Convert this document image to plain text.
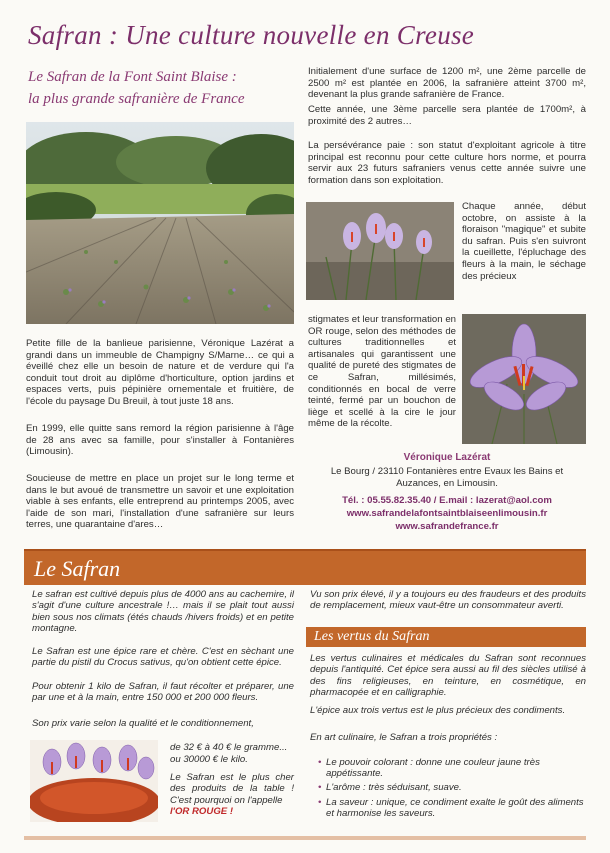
Safran : Une culture nouvelle en Creuse
Le Safran de la Font Saint Blaise :
la plus grande safranière de France

Petite fille de la banlieue parisienne, Véronique Lazérat a grandi dans un immeuble de Champigny S/Marne… ce qui a éveillé chez elle un besoin de nature et de verdure qui l'a conduit tout droit au diplôme d'horticulture, option jardins et espaces verts, puis pépinière ornementale et fruitière, de l'école du paysage Du Breuil, à tout juste 18 ans.

En 1999, elle quitte sans remord la région parisienne à l'âge de 28 ans avec sa famille, pour s'installer à Fontanières (Limousin).

Soucieuse de mettre en place un projet sur le long terme et dans le but avoué de transmettre un savoir et une exploitation viable à ses enfants, elle entreprend au printemps 2005, avec l'aide de son mari, l'installation d'une safranière sur leurs terres, une quarantaine d'ares…

Initialement d'une surface de 1200 m², une 2ème parcelle de 2500 m² est plantée en 2006, la safranière atteint 3700 m², devenant la plus grande safranière de France.

Cette année, une 3ème parcelle sera plantée de 1700m², à proximité des 2 autres…

La persévérance paie : son statut d'exploitant agricole à titre principal est reconnu pour cette culture hors norme, et pourra servir aux 23 futurs safraniers venus cette année suivre une formation dans son exploitation.

Chaque année, début octobre, on assiste à la floraison "magique" et subite du safran. Puis s'en suivront la cueillette, l'épluchage des fleurs à la main, le séchage des précieux

stigmates et leur transformation en OR rouge, selon des méthodes de cultures traditionnelles et artisanales qui garantissent une qualité de pureté des stigmates de ce Safran, millésimés, conditionnés en bocal de verre teinté, fermé par un bouchon de liège et scellé à la cire le jour même de la récolte.

Véronique Lazérat
Le Bourg / 23110 Fontanières entre Evaux les Bains et
Auzances, en Limousin.
Tél. : 05.55.82.35.40 / E.mail : lazerat@aol.com
www.safrandelafontsaintblaiseenlimousin.fr
www.safrandefrance.fr
Le Safran

Le safran est cultivé depuis plus de 4000 ans au cachemire, il s'agit d'une culture ancestrale !… mais il se plait tout aussi bien sous nos climats (étés chauds /hivers froids) et en petite montagne.

Le Safran est une épice rare et chère. C'est en sèchant une partie du pistil du Crocus sativus, qu'on obtient cette épice.

Pour obtenir 1 kilo de Safran, il faut récolter et préparer, une par une et à la main, entre 150 000 et 200 000 fleurs.

Son prix varie selon la qualité et le conditionnement,

de 32 € à 40 € le gramme...

ou 30000 € le kilo.

Le Safran est le plus cher des produits de la table ! C'est pourquoi on l'appelle

l'OR ROUGE !

Vu son prix élevé, il y a toujours eu des fraudeurs et des produits de remplacement, mieux vaut-être un consommateur averti.

Les vertus du Safran

Les vertus culinaires et médicales du Safran sont reconnues depuis l'antiquité. Cet épice sera aussi au fil des siècles utilisé à des fins religieuses, en teinture, en cosmétique, en pharmacopée et en calligraphie.

L'épice aux trois vertus est le plus précieux des condiments.

En art culinaire, le Safran a trois propriétés :

• Le pouvoir colorant : donne une couleur jaune très appétissante.
• L'arôme : très séduisant, suave.
• La saveur : unique, ce condiment exalte le goût des aliments et harmonise les saveurs.
